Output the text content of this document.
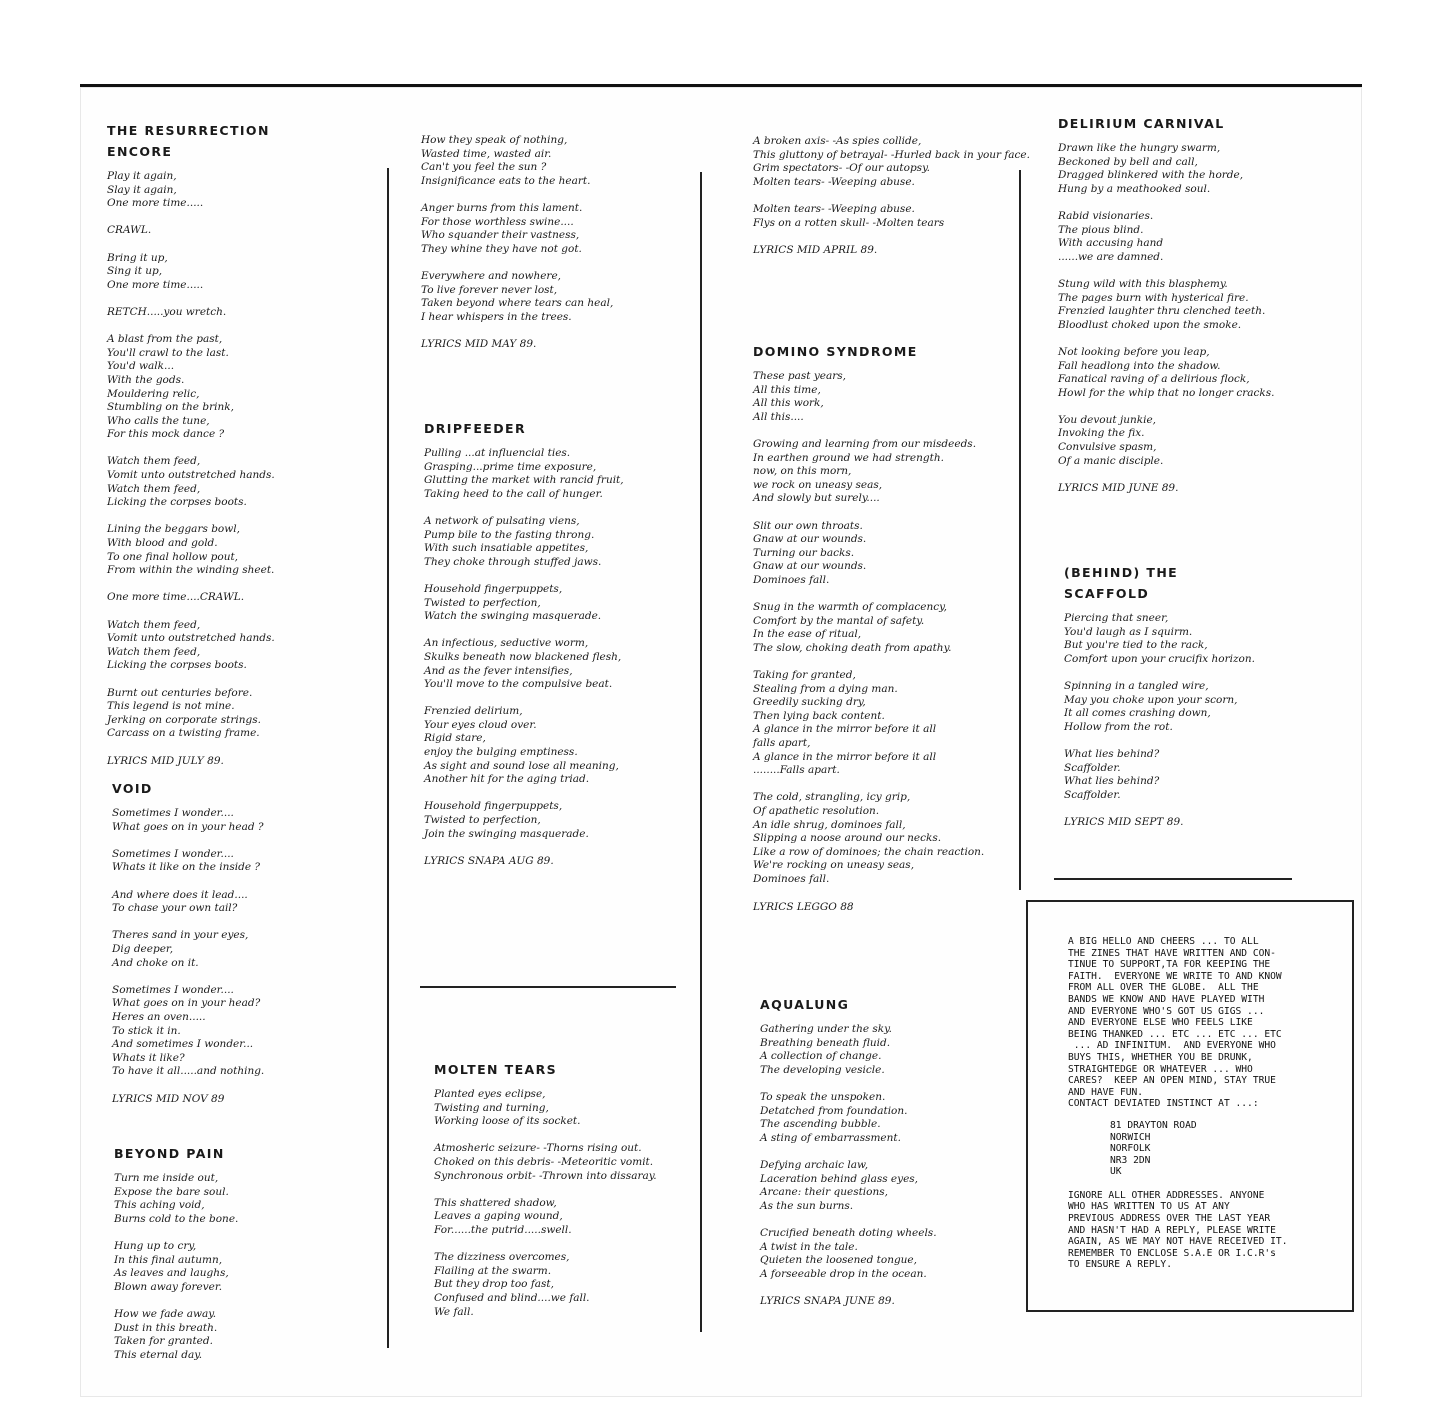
THE RESURRECTION
ENCORE
Play it again,
Slay it again,
One more time.....
CRAWL.
Bring it up,
Sing it up,
One more time.....
RETCH.....you wretch.
A blast from the past,
You'll crawl to the last.
You'd walk...
With the gods.
Mouldering relic,
Stumbling on the brink,
Who calls the tune,
For this mock dance ?
Watch them feed,
Vomit unto outstretched hands.
Watch them feed,
Licking the corpses boots.
Lining the beggars bowl,
With blood and gold.
To one final hollow pout,
From within the winding sheet.
One more time....CRAWL.
Watch them feed,
Vomit unto outstretched hands.
Watch them feed,
Licking the corpses boots.
Burnt out centuries before.
This legend is not mine.
Jerking on corporate strings.
Carcass on a twisting frame.
LYRICS MID JULY 89.
VOID
Sometimes I wonder....
What goes on in your head ?
Sometimes I wonder....
Whats it like on the inside ?
And where does it lead....
To chase your own tail?
Theres sand in your eyes,
Dig deeper,
And choke on it.
Sometimes I wonder....
What goes on in your head?
Heres an oven.....
To stick it in.
And sometimes I wonder...
Whats it like?
To have it all.....and nothing.
LYRICS MID NOV 89
BEYOND PAIN
Turn me inside out,
Expose the bare soul.
This aching void,
Burns cold to the bone.
Hung up to cry,
In this final autumn,
As leaves and laughs,
Blown away forever.
How we fade away.
Dust in this breath.
Taken for granted.
This eternal day.
How they speak of nothing,
Wasted time, wasted air.
Can't you feel the sun ?
Insignificance eats to the heart.
Anger burns from this lament.
For those worthless swine....
Who squander their vastness,
They whine they have not got.
Everywhere and nowhere,
To live forever never lost,
Taken beyond where tears can heal,
I hear whispers in the trees.
LYRICS MID MAY 89.
DRIPFEEDER
Pulling ...at influencial ties.
Grasping...prime time exposure,
Glutting the market with rancid fruit,
Taking heed to the call of hunger.
A network of pulsating viens,
Pump bile to the fasting throng.
With such insatiable appetites,
They choke through stuffed jaws.
Household fingerpuppets,
Twisted to perfection,
Watch the swinging masquerade.
An infectious, seductive worm,
Skulks beneath now blackened flesh,
And as the fever intensifies,
You'll move to the compulsive beat.
Frenzied delirium,
Your eyes cloud over.
Rigid stare,
enjoy the bulging emptiness.
As sight and sound lose all meaning,
Another hit for the aging triad.
Household fingerpuppets,
Twisted to perfection,
Join the swinging masquerade.
LYRICS SNAPA AUG 89.
MOLTEN TEARS
Planted eyes eclipse,
Twisting and turning,
Working loose of its socket.
Atmosheric seizure- -Thorns rising out.
Choked on this debris- -Meteoritic vomit.
Synchronous orbit- -Thrown into dissaray.
This shattered shadow,
Leaves a gaping wound,
For......the putrid.....swell.
The dizziness overcomes,
Flailing at the swarm.
But they drop too fast,
Confused and blind....we fall.
We fall.
A broken axis- -As spies collide,
This gluttony of betrayal- -Hurled back in your face.
Grim spectators- -Of our autopsy.
Molten tears- -Weeping abuse.
Molten tears- -Weeping abuse.
Flys on a rotten skull- -Molten tears
LYRICS MID APRIL 89.
DOMINO SYNDROME
These past years,
All this time,
All this work,
All this....
Growing and learning from our misdeeds.
In earthen ground we had strength.
now, on this morn,
we rock on uneasy seas,
And slowly but surely....
Slit our own throats.
Gnaw at our wounds.
Turning our backs.
Gnaw at our wounds.
Dominoes fall.
Snug in the warmth of complacency,
Comfort by the mantal of safety.
In the ease of ritual,
The slow, choking death from apathy.
Taking for granted,
Stealing from a dying man.
Greedily sucking dry,
Then lying back content.
A glance in the mirror before it all
falls apart,
A glance in the mirror before it all
........Falls apart.
The cold, strangling, icy grip,
Of apathetic resolution.
An idle shrug, dominoes fall,
Slipping a noose around our necks.
Like a row of dominoes; the chain reaction.
We're rocking on uneasy seas,
Dominoes fall.
LYRICS LEGGO 88
AQUALUNG
Gathering under the sky.
Breathing beneath fluid.
A collection of change.
The developing vesicle.
To speak the unspoken.
Detatched from foundation.
The ascending bubble.
A sting of embarrassment.
Defying archaic law,
Laceration behind glass eyes,
Arcane: their questions,
As the sun burns.
Crucified beneath doting wheels.
A twist in the tale.
Quieten the loosened tongue,
A forseeable drop in the ocean.
LYRICS SNAPA JUNE 89.
DELIRIUM CARNIVAL
Drawn like the hungry swarm,
Beckoned by bell and call,
Dragged blinkered with the horde,
Hung by a meathooked soul.
Rabid visionaries.
The pious blind.
With accusing hand
......we are damned.
Stung wild with this blasphemy.
The pages burn with hysterical fire.
Frenzied laughter thru clenched teeth.
Bloodlust choked upon the smoke.
Not looking before you leap,
Fall headlong into the shadow.
Fanatical raving of a delirious flock,
Howl for the whip that no longer cracks.
You devout junkie,
Invoking the fix.
Convulsive spasm,
Of a manic disciple.
LYRICS MID JUNE 89.
(BEHIND) THE
SCAFFOLD
Piercing that sneer,
You'd laugh as I squirm.
But you're tied to the rack,
Comfort upon your crucifix horizon.
Spinning in a tangled wire,
May you choke upon your scorn,
It all comes crashing down,
Hollow from the rot.
What lies behind?
Scaffolder.
What lies behind?
Scaffolder.
LYRICS MID SEPT 89.
A BIG HELLO AND CHEERS ... TO ALL
THE ZINES THAT HAVE WRITTEN AND CON-
TINUE TO SUPPORT,TA FOR KEEPING THE
FAITH.  EVERYONE WE WRITE TO AND KNOW
FROM ALL OVER THE GLOBE.  ALL THE
BANDS WE KNOW AND HAVE PLAYED WITH
AND EVERYONE WHO'S GOT US GIGS ...
AND EVERYONE ELSE WHO FEELS LIKE
BEING THANKED ... ETC ... ETC ... ETC
... AD INFINITUM.  AND EVERYONE WHO
BUYS THIS, WHETHER YOU BE DRUNK,
STRAIGHTEDGE OR WHATEVER ... WHO
CARES?  KEEP AN OPEN MIND, STAY TRUE
AND HAVE FUN.
CONTACT DEVIATED INSTINCT AT ...:
81 DRAYTON ROAD
NORWICH
NORFOLK
NR3 2DN
UK
IGNORE ALL OTHER ADDRESSES. ANYONE
WHO HAS WRITTEN TO US AT ANY
PREVIOUS ADDRESS OVER THE LAST YEAR
AND HASN'T HAD A REPLY, PLEASE WRITE
AGAIN, AS WE MAY NOT HAVE RECEIVED IT.
REMEMBER TO ENCLOSE S.A.E OR I.C.R's
TO ENSURE A REPLY.
